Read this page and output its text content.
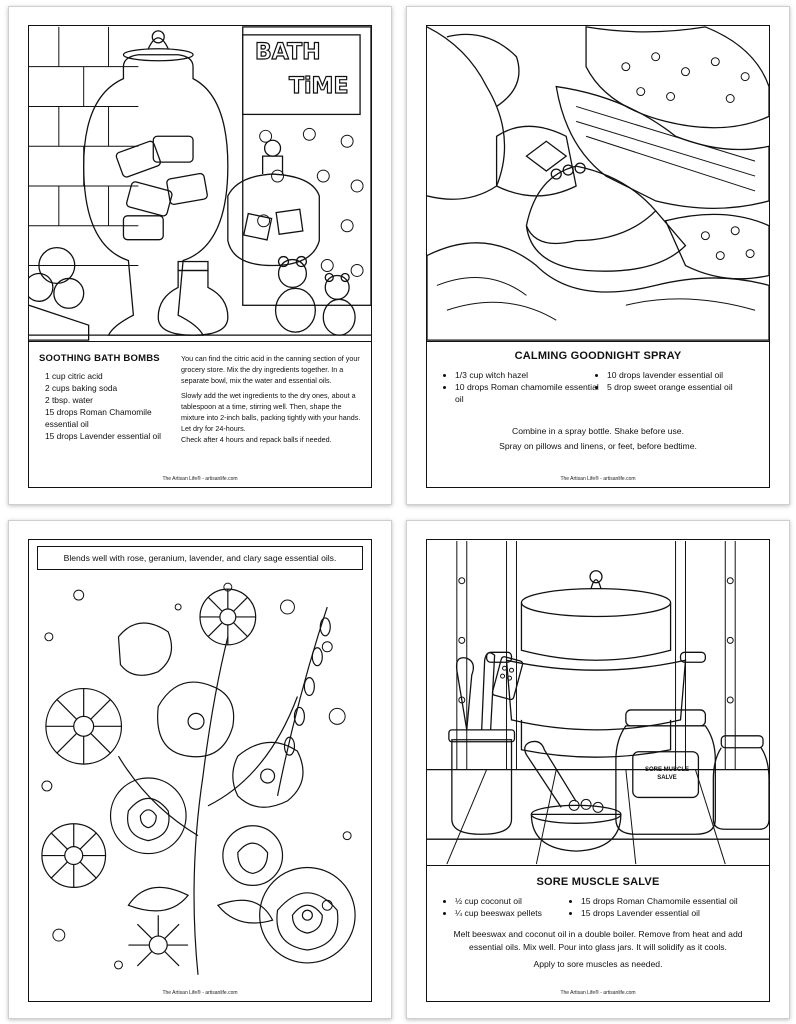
BATH
TiME
SOOTHING BATH BOMBS
1 cup citric acid
2 cups baking soda
2 tbsp. water
15 drops Roman Chamomile essential oil
15 drops Lavender essential oil

You can find the citric acid in the canning section of your grocery store. Mix the dry ingredients together. In a separate bowl, mix the water and essential oils.

Slowly add the wet ingredients to the dry ones, about a tablespoon at a time, stirring well. Then, shape the mixture into 2-inch balls, packing tightly with your hands. Let dry for 24-hours.

Check after 4 hours and repack balls if needed.

The Artisan Life® - artisanlife.com
CALMING GOODNIGHT SPRAY
• 1/3 cup witch hazel
• 10 drops Roman chamomile essential oil
• 10 drops lavender essential oil
• 5 drop sweet orange essential oil

Combine in a spray bottle. Shake before use.

Spray on pillows and linens, or feet, before bedtime.

The Artisan Life® - artisanlife.com
Blends well with rose, geranium, lavender, and clary sage essential oils.
The Artisan Life® - artisanlife.com
SORE MUSCLE
SALVE
SORE MUSCLE SALVE
• ½ cup coconut oil
• ¼ cup beeswax pellets
• 15 drops Roman Chamomile essential oil
• 15 drops Lavender essential oil

Melt beeswax and coconut oil in a double boiler. Remove from heat and add essential oils. Mix well. Pour into glass jars. It will solidify as it cools.

Apply to sore muscles as needed.

The Artisan Life® - artisanlife.com
